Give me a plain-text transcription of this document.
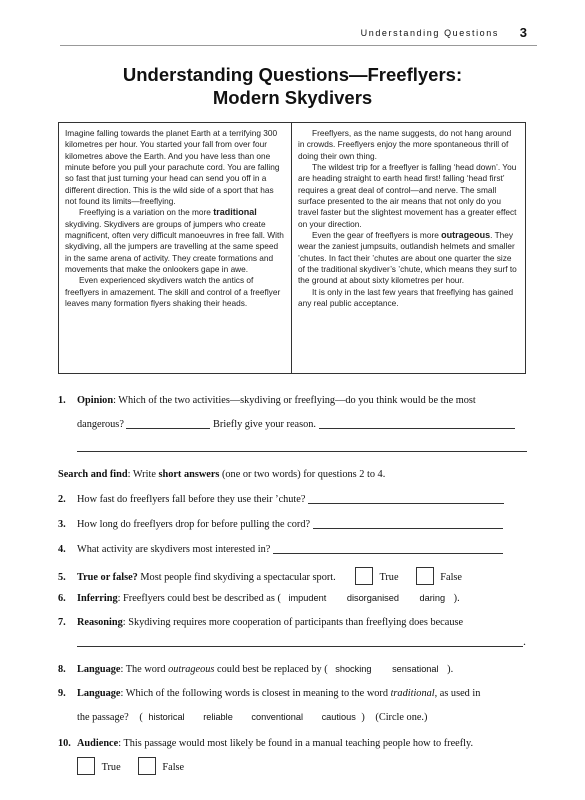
Understanding Questions 3
Understanding Questions—Freeflyers:
Modern Skydivers

Imagine falling towards the planet Earth at a terrifying 300 kilometres per hour. You started your fall from over four kilometres above the Earth. And you have less than one minute before you pull your parachute cord. You are falling so fast that just turning your head can send you off in a different direction. This is the wild side of a sport that has not found its limits—freeflying.

Freeflying is a variation on the more traditional skydiving. Skydivers are groups of jumpers who create magnificent, often very difficult manoeuvres in free fall. With skydiving, all the jumpers are travelling at the same speed in the same arena of activity. They create formations and movements that make the onlookers gape in awe.

Even experienced skydivers watch the antics of freeflyers in amazement. The skill and control of a freeflyer leaves many formation flyers shaking their heads.

Freeflyers, as the name suggests, do not hang around in crowds. Freeflyers enjoy the more spontaneous thrill of doing their own thing.

The wildest trip for a freeflyer is falling ‘head down’. You are heading straight to earth head first! falling ‘head first’ requires a great deal of control—and nerve. The small surface presented to the air means that not only do you travel faster but the slightest movement has a greater effect on your direction.

Even the gear of freeflyers is more outrageous. They wear the zaniest jumpsuits, outlandish helmets and smaller ’chutes. In fact their ’chutes are about one quarter the size of the traditional skydiver’s ’chute, which means they surf to the ground at about sixty kilometres per hour.

It is only in the last few years that freeflying has gained any real public acceptance.

1. Opinion: Which of the two activities—skydiving or freeflying—do you think would be the most
dangerous?	Briefly give your reason.
Search and find: Write short answers (one or two words) for questions 2 to 4.
2. How fast do freeflyers fall before they use their ’chute?
3. How long do freeflyers drop for before pulling the cord?
4. What activity are skydivers most interested in?
5. True or false? Most people find skydiving a spectacular sport.	True	False
6. Inferring: Freeflyers could best be described as ( impudent disorganised daring ).
7. Reasoning: Skydiving requires more cooperation of participants than freeflying does because
.
8. Language: The word outrageous could best be replaced by ( shocking sensational ).
9. Language: Which of the following words is closest in meaning to the word traditional, as used in
the passage? ( historical reliable conventional cautious ) (Circle one.)
10. Audience: This passage would most likely be found in a manual teaching people how to freefly.
True	False
